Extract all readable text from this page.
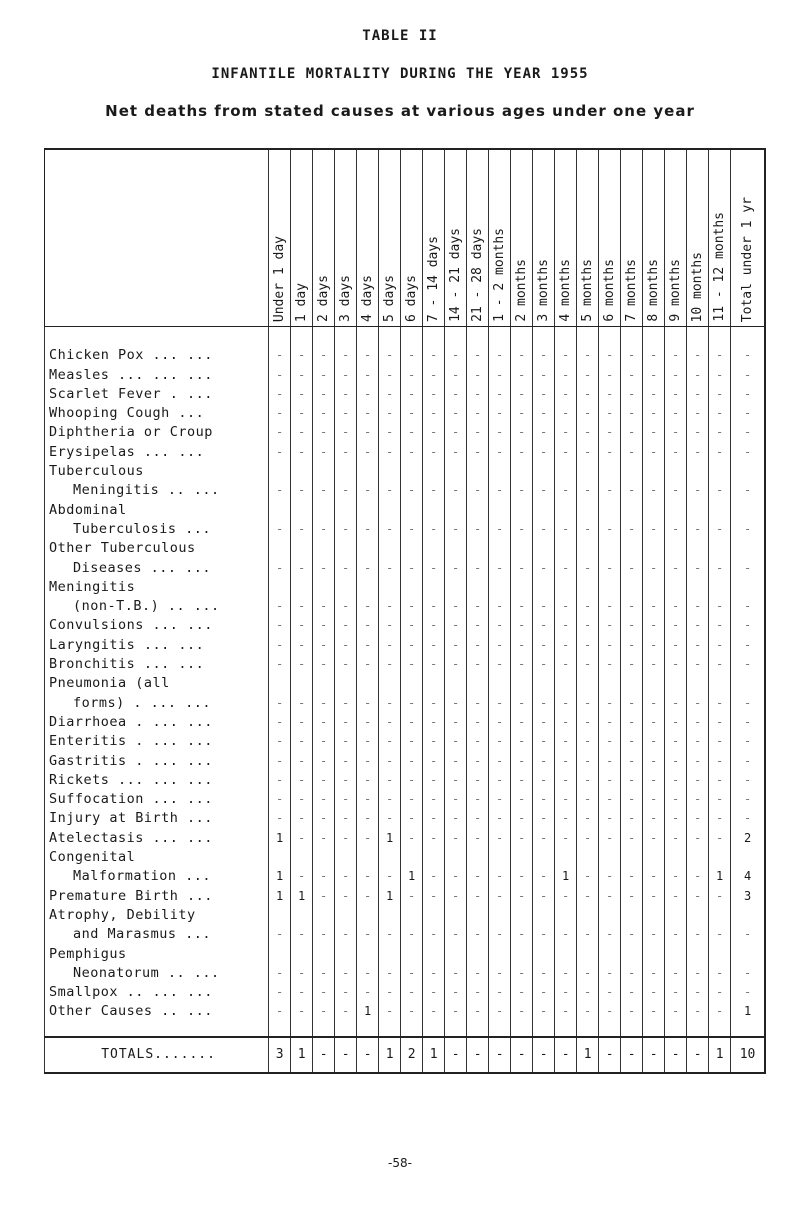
TABLE II
INFANTILE MORTALITY DURING THE YEAR 1955
Net deaths from stated causes at various ages under one year

	Under 1 day	1 day	2 days	3 days	4 days	5 days	6 days	7 - 14 days	14 - 21 days	21 - 28 days	1 - 2 months	2 months	3 months	4 months	5 months	6 months	7 months	8 months	9 months	10 months	11 - 12 months	Total under 1 yr

Chicken Pox ... ...	-	-	-	-	-	-	-	-	-	-	-	-	-	-	-	-	-	-	-	-	-	-
Measles ... ... ...	-	-	-	-	-	-	-	-	-	-	-	-	-	-	-	-	-	-	-	-	-	-
Scarlet Fever . ...	-	-	-	-	-	-	-	-	-	-	-	-	-	-	-	-	-	-	-	-	-	-
Whooping Cough ...	-	-	-	-	-	-	-	-	-	-	-	-	-	-	-	-	-	-	-	-	-	-
Diphtheria or Croup	-	-	-	-	-	-	-	-	-	-	-	-	-	-	-	-	-	-	-	-	-	-
Erysipelas ... ...	-	-	-	-	-	-	-	-	-	-	-	-	-	-	-	-	-	-	-	-	-	-
Tuberculous																						
Meningitis .. ...	-	-	-	-	-	-	-	-	-	-	-	-	-	-	-	-	-	-	-	-	-	-
Abdominal																						
Tuberculosis ...	-	-	-	-	-	-	-	-	-	-	-	-	-	-	-	-	-	-	-	-	-	-
Other Tuberculous																						
Diseases ... ...	-	-	-	-	-	-	-	-	-	-	-	-	-	-	-	-	-	-	-	-	-	-
Meningitis																						
(non-T.B.) .. ...	-	-	-	-	-	-	-	-	-	-	-	-	-	-	-	-	-	-	-	-	-	-
Convulsions ... ...	-	-	-	-	-	-	-	-	-	-	-	-	-	-	-	-	-	-	-	-	-	-
Laryngitis ... ...	-	-	-	-	-	-	-	-	-	-	-	-	-	-	-	-	-	-	-	-	-	-
Bronchitis ... ...	-	-	-	-	-	-	-	-	-	-	-	-	-	-	-	-	-	-	-	-	-	-
Pneumonia (all																						
forms) . ... ...	-	-	-	-	-	-	-	-	-	-	-	-	-	-	-	-	-	-	-	-	-	-
Diarrhoea . ... ...	-	-	-	-	-	-	-	-	-	-	-	-	-	-	-	-	-	-	-	-	-	-
Enteritis . ... ...	-	-	-	-	-	-	-	-	-	-	-	-	-	-	-	-	-	-	-	-	-	-
Gastritis . ... ...	-	-	-	-	-	-	-	-	-	-	-	-	-	-	-	-	-	-	-	-	-	-
Rickets ... ... ...	-	-	-	-	-	-	-	-	-	-	-	-	-	-	-	-	-	-	-	-	-	-
Suffocation ... ...	-	-	-	-	-	-	-	-	-	-	-	-	-	-	-	-	-	-	-	-	-	-
Injury at Birth ...	-	-	-	-	-	-	-	-	-	-	-	-	-	-	-	-	-	-	-	-	-	-
Atelectasis ... ...	1	-	-	-	-	1	-	-	-	-	-	-	-	-	-	-	-	-	-	-	-	2
Congenital																						
Malformation ...	1	-	-	-	-	-	1	-	-	-	-	-	-	1	-	-	-	-	-	-	1	4
Premature Birth ...	1	1	-	-	-	1	-	-	-	-	-	-	-	-	-	-	-	-	-	-	-	3
Atrophy, Debility																						
and Marasmus ...	-	-	-	-	-	-	-	-	-	-	-	-	-	-	-	-	-	-	-	-	-	-
Pemphigus																						
Neonatorum .. ...	-	-	-	-	-	-	-	-	-	-	-	-	-	-	-	-	-	-	-	-	-	-
Smallpox .. ... ...	-	-	-	-	-	-	-	-	-	-	-	-	-	-	-	-	-	-	-	-	-	-
Other Causes .. ...	-	-	-	-	1	-	-	-	-	-	-	-	-	-	-	-	-	-	-	-	-	1

TOTALS.......	3	1	-	-	-	1	2	1	-	-	-	-	-	-	1	-	-	-	-	-	1	10
-58-
